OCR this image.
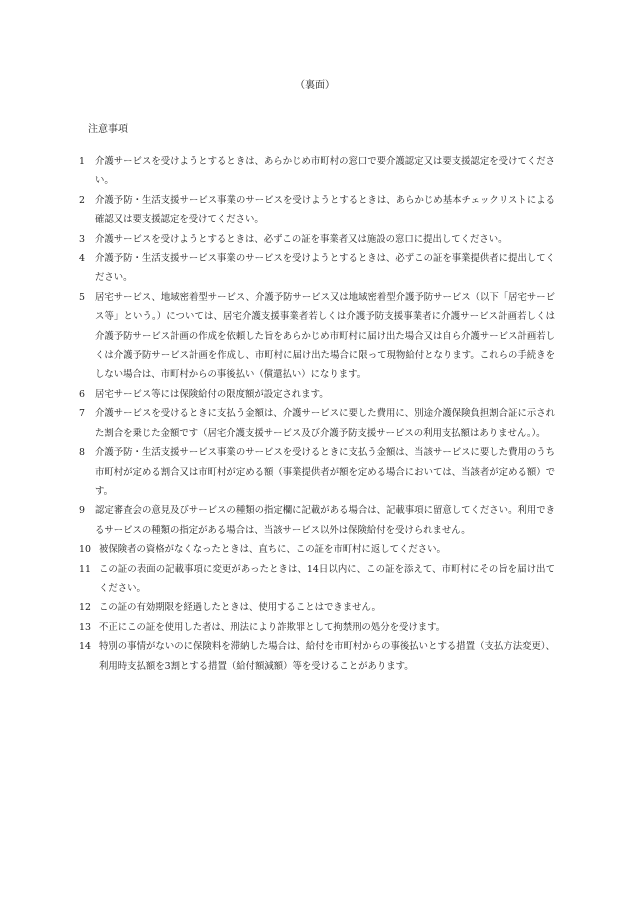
（裏面）
注意事項
1	介護サービスを受けようとするときは、あらかじめ市町村の窓口で要介護認定又は要支援認定を受けてください。
2	介護予防・生活支援サービス事業のサービスを受けようとするときは、あらかじめ基本チェックリストによる確認又は要支援認定を受けてください。
3	介護サービスを受けようとするときは、必ずこの証を事業者又は施設の窓口に提出してください。
4	介護予防・生活支援サービス事業のサービスを受けようとするときは、必ずこの証を事業提供者に提出してください。
5	居宅サービス、地域密着型サービス、介護予防サービス又は地域密着型介護予防サービス（以下「居宅サービス等」という。）については、居宅介護支援事業者若しくは介護予防支援事業者に介護サービス計画若しくは介護予防サービス計画の作成を依頼した旨をあらかじめ市町村に届け出た場合又は自ら介護サービス計画若しくは介護予防サービス計画を作成し、市町村に届け出た場合に限って現物給付となります。これらの手続きをしない場合は、市町村からの事後払い（償還払い）になります。
6	居宅サービス等には保険給付の限度額が設定されます。
7	介護サービスを受けるときに支払う金額は、介護サービスに要した費用に、別途介護保険負担割合証に示された割合を乗じた金額です（居宅介護支援サービス及び介護予防支援サービスの利用支払額はありません。）。
8	介護予防・生活支援サービス事業のサービスを受けるときに支払う金額は、当該サービスに要した費用のうち市町村が定める割合又は市町村が定める額（事業提供者が額を定める場合においては、当該者が定める額）です。
9	認定審査会の意見及びサービスの種類の指定欄に記載がある場合は、記載事項に留意してください。利用できるサービスの種類の指定がある場合は、当該サービス以外は保険給付を受けられません。
10 被保険者の資格がなくなったときは、直ちに、この証を市町村に返してください。
11 この証の表面の記載事項に変更があったときは、14日以内に、この証を添えて、市町村にその旨を届け出てください。
12 この証の有効期限を経過したときは、使用することはできません。
13 不正にこの証を使用した者は、刑法により詐欺罪として拘禁刑の処分を受けます。
14 特別の事情がないのに保険料を滞納した場合は、給付を市町村からの事後払いとする措置（支払方法変更）、利用時支払額を3割とする措置（給付額減額）等を受けることがあります。
